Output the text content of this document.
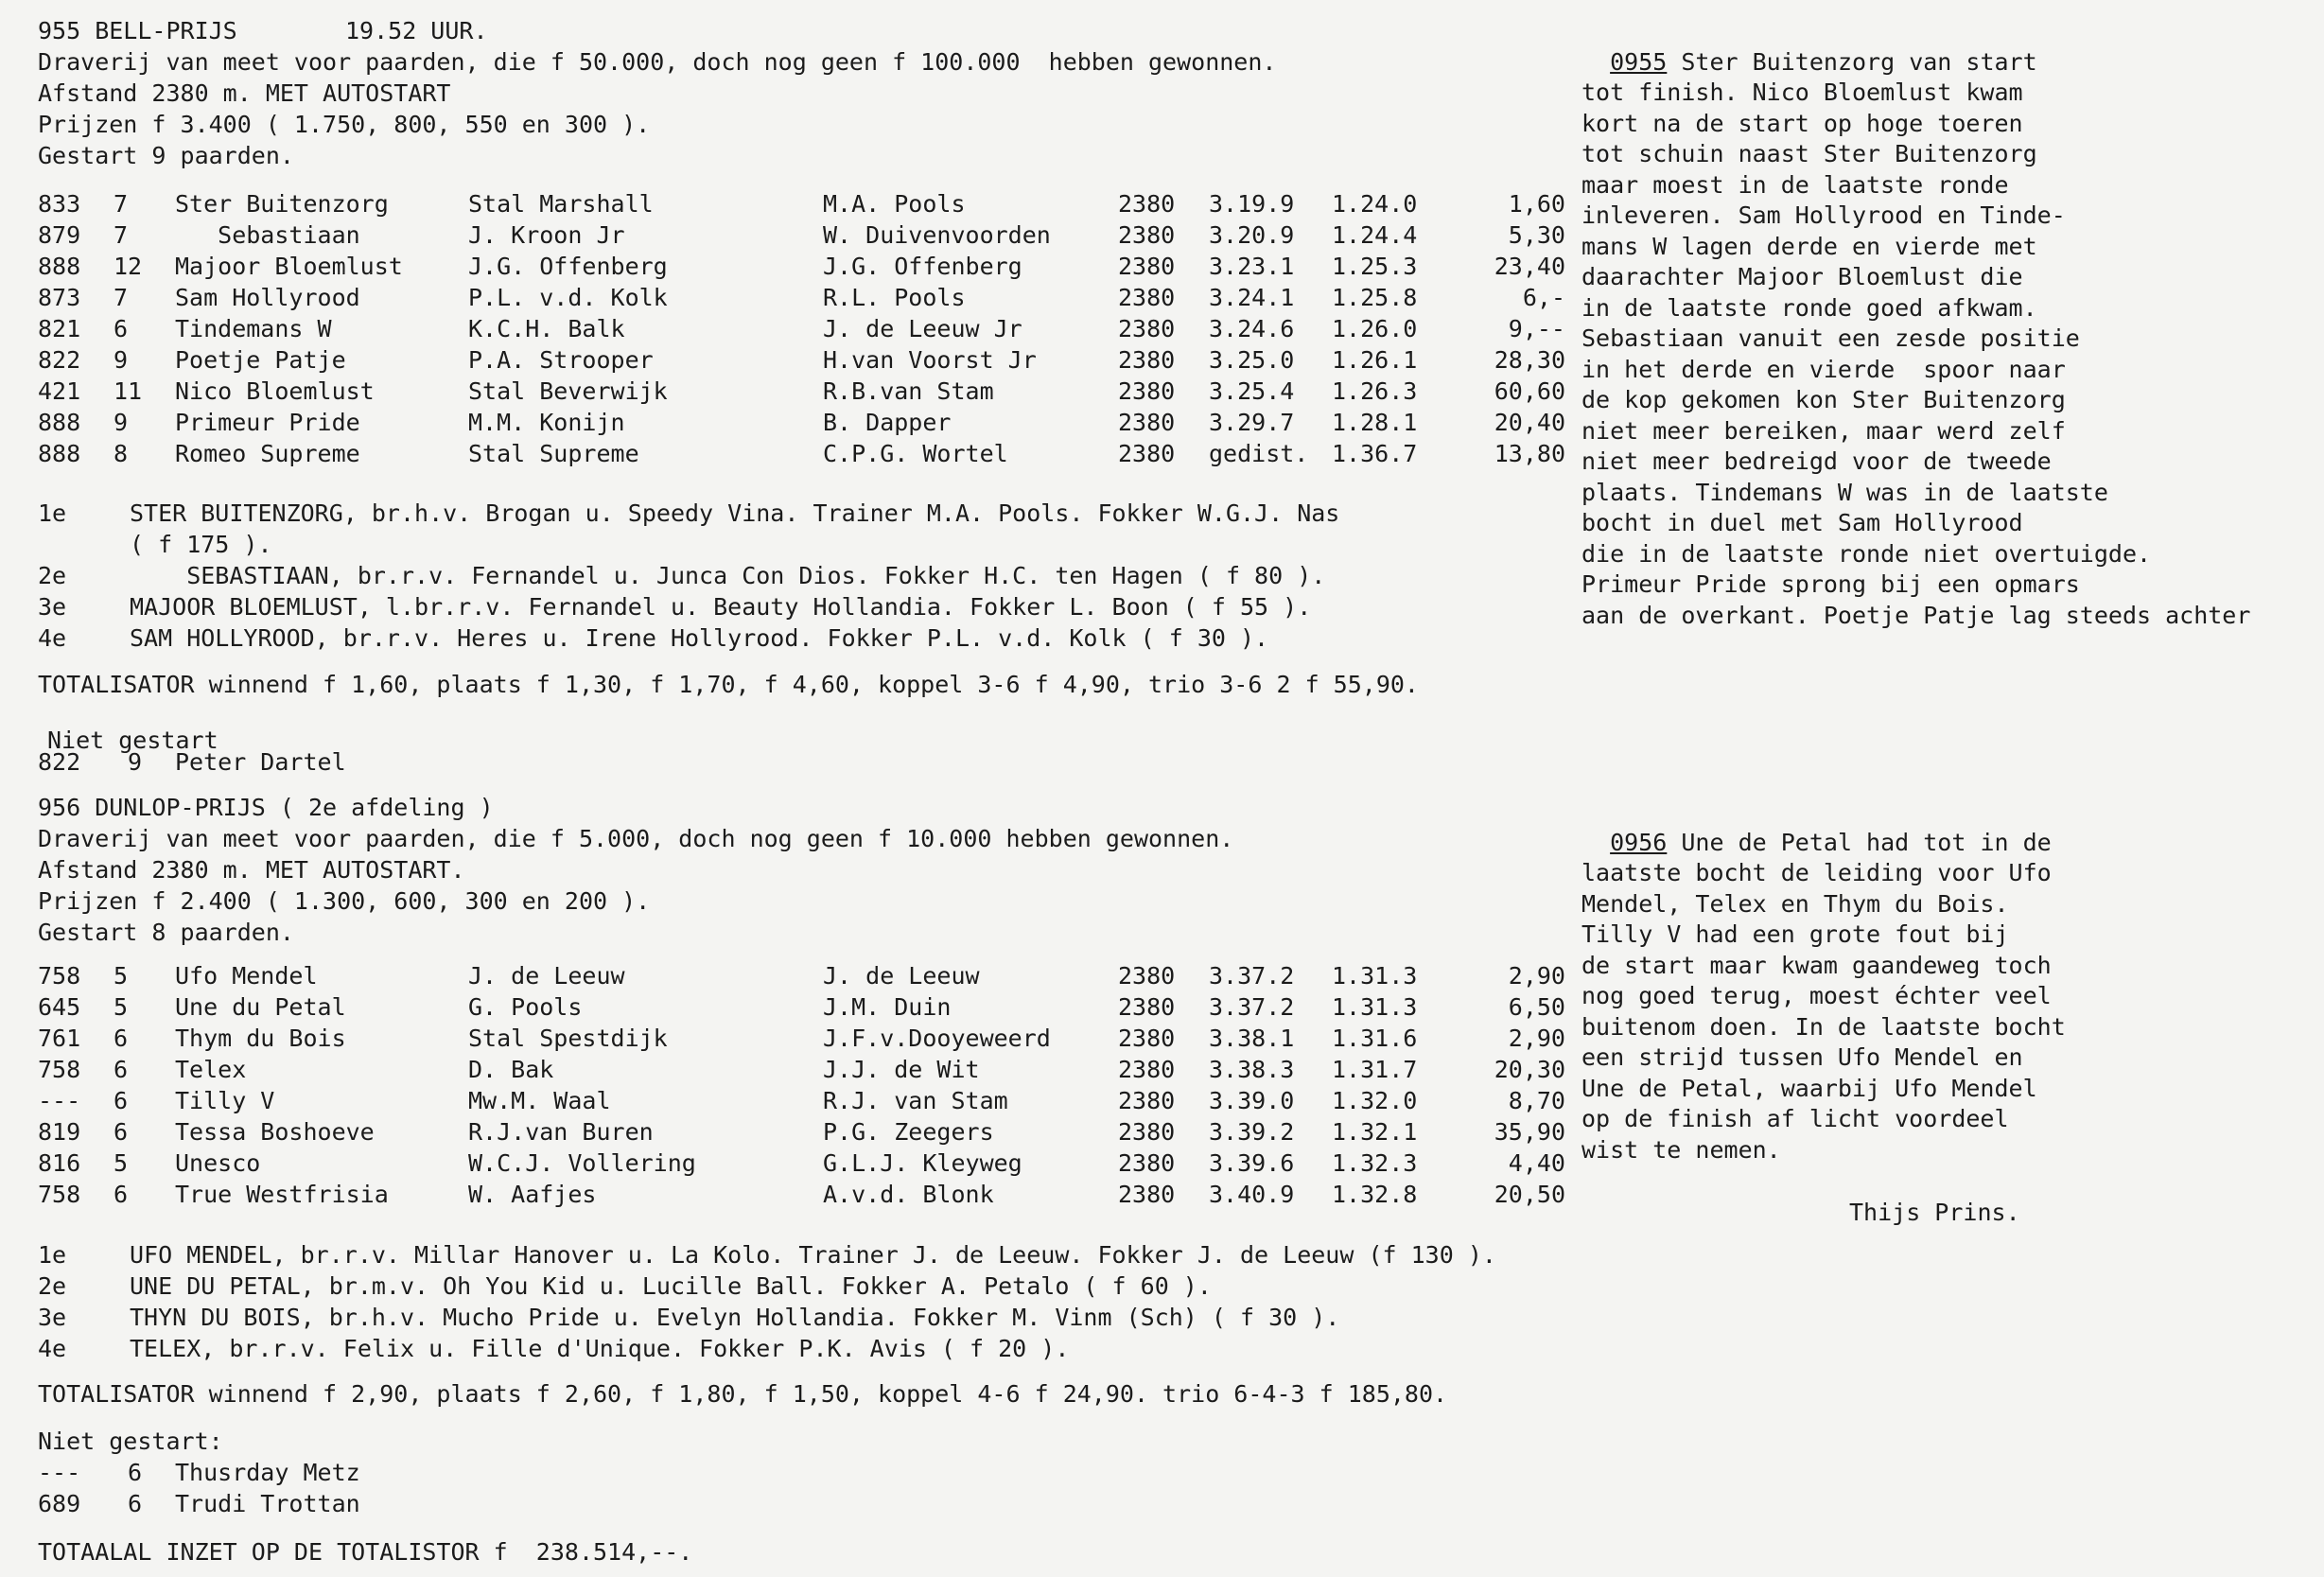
955 BELL-PRIJS	19.52 UUR.
Draverij van meet voor paarden, die f 50.000, doch nog geen f 100.000  hebben gewonnen.
Afstand 2380 m. MET AUTOSTART
Prijzen f 3.400 ( 1.750, 800, 550 en 300 ).
Gestart 9 paarden.
833 7 Ster Buitenzorg	Stal Marshall	M.A. Pools	2380 3.19.9 1.24.0	1,60
879 7 Sebastiaan	J. Kroon Jr	W. Duivenvoorden	2380 3.20.9 1.24.4	5,30
888 12 Majoor Bloemlust	J.G. Offenberg	J.G. Offenberg	2380 3.23.1 1.25.3	23,40
873 7 Sam Hollyrood	P.L. v.d. Kolk	R.L. Pools	2380 3.24.1 1.25.8	6,-
821 6 Tindemans W	K.C.H. Balk	J. de Leeuw Jr	2380 3.24.6 1.26.0	9,--
822 9 Poetje Patje	P.A. Strooper	H.van Voorst Jr	2380 3.25.0 1.26.1	28,30
421 11 Nico Bloemlust	Stal Beverwijk	R.B.van Stam	2380 3.25.4 1.26.3	60,60
888 9 Primeur Pride	M.M. Konijn	B. Dapper	2380 3.29.7 1.28.1	20,40
888 8 Romeo Supreme	Stal Supreme	C.P.G. Wortel	2380 gedist. 1.36.7	13,80
1e	STER BUITENZORG, br.h.v. Brogan u. Speedy Vina. Trainer M.A. Pools. Fokker W.G.J. Nas
( f 175 ).
2e	SEBASTIAAN, br.r.v. Fernandel u. Junca Con Dios. Fokker H.C. ten Hagen ( f 80 ).
3e	MAJOOR BLOEMLUST, l.br.r.v. Fernandel u. Beauty Hollandia. Fokker L. Boon ( f 55 ).
4e	SAM HOLLYROOD, br.r.v. Heres u. Irene Hollyrood. Fokker P.L. v.d. Kolk ( f 30 ).
TOTALISATOR winnend f 1,60, plaats f 1,30, f 1,70, f 4,60, koppel 3-6 f 4,90, trio 3-6 2 f 55,90.
Niet gestart
822 9 Peter Dartel
956 DUNLOP-PRIJS ( 2e afdeling )
Draverij van meet voor paarden, die f 5.000, doch nog geen f 10.000 hebben gewonnen.
Afstand 2380 m. MET AUTOSTART.
Prijzen f 2.400 ( 1.300, 600, 300 en 200 ).
Gestart 8 paarden.
758 5 Ufo Mendel	J. de Leeuw	J. de Leeuw	2380 3.37.2 1.31.3	2,90
645 5 Une du Petal	G. Pools	J.M. Duin	2380 3.37.2 1.31.3	6,50
761 6 Thym du Bois	Stal Spestdijk	J.F.v.Dooyeweerd	2380 3.38.1 1.31.6	2,90
758 6 Telex	D. Bak	J.J. de Wit	2380 3.38.3 1.31.7	20,30
--- 6 Tilly V	Mw.M. Waal	R.J. van Stam	2380 3.39.0 1.32.0	8,70
819 6 Tessa Boshoeve	R.J.van Buren	P.G. Zeegers	2380 3.39.2 1.32.1	35,90
816 5 Unesco	W.C.J. Vollering	G.L.J. Kleyweg	2380 3.39.6 1.32.3	4,40
758 6 True Westfrisia	W. Aafjes	A.v.d. Blonk	2380 3.40.9 1.32.8	20,50
1e	UFO MENDEL, br.r.v. Millar Hanover u. La Kolo. Trainer J. de Leeuw. Fokker J. de Leeuw (f 130 ).
2e	UNE DU PETAL, br.m.v. Oh You Kid u. Lucille Ball. Fokker A. Petalo ( f 60 ).
3e	THYN DU BOIS, br.h.v. Mucho Pride u. Evelyn Hollandia. Fokker M. Vinm (Sch) ( f 30 ).
4e	TELEX, br.r.v. Felix u. Fille d'Unique. Fokker P.K. Avis ( f 20 ).
TOTALISATOR winnend f 2,90, plaats f 2,60, f 1,80, f 1,50, koppel 4-6 f 24,90. trio 6-4-3 f 185,80.
Niet gestart:
--- 6 Thusrday Metz
689 6 Trudi Trottan
TOTAALAL INZET OP DE TOTALISTOR f  238.514,--.

0955 Ster Buitenzorg van start
tot finish. Nico Bloemlust kwam
kort na de start op hoge toeren
tot schuin naast Ster Buitenzorg
maar moest in de laatste ronde
inleveren. Sam Hollyrood en Tinde-
mans W lagen derde en vierde met
daarachter Majoor Bloemlust die
in de laatste ronde goed afkwam.
Sebastiaan vanuit een zesde positie
in het derde en vierde  spoor naar
de kop gekomen kon Ster Buitenzorg
niet meer bereiken, maar werd zelf
niet meer bedreigd voor de tweede
plaats. Tindemans W was in de laatste
bocht in duel met Sam Hollyrood
die in de laatste ronde niet overtuigde.
Primeur Pride sprong bij een opmars
aan de overkant. Poetje Patje lag steeds achter

0956 Une de Petal had tot in de
laatste bocht de leiding voor Ufo
Mendel, Telex en Thym du Bois.
Tilly V had een grote fout bij
de start maar kwam gaandeweg toch
nog goed terug, moest échter veel
buitenom doen. In de laatste bocht
een strijd tussen Ufo Mendel en
Une de Petal, waarbij Ufo Mendel
op de finish af licht voordeel
wist te nemen.

Thijs Prins.
